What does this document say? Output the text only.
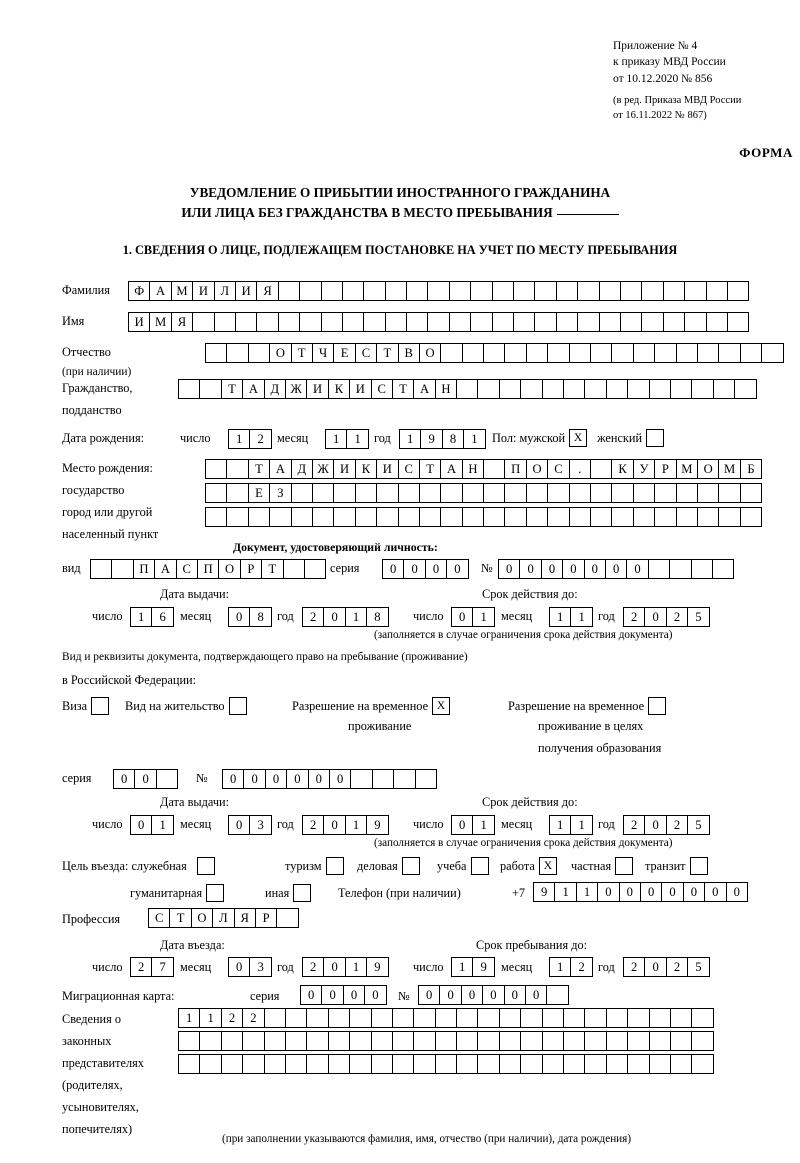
Приложение № 4
к приказу МВД России
от 10.12.2020 № 856
(в ред. Приказа МВД России
от 16.11.2022 № 867)
ФОРМА
УВЕДОМЛЕНИЕ О ПРИБЫТИИ ИНОСТРАННОГО ГРАЖДАНИНА
ИЛИ ЛИЦА БЕЗ ГРАЖДАНСТВА В МЕСТО ПРЕБЫВАНИЯ
1. СВЕДЕНИЯ О ЛИЦЕ, ПОДЛЕЖАЩЕМ ПОСТАНОВКЕ НА УЧЕТ ПО МЕСТУ ПРЕБЫВАНИЯ
Фамилия	Ф А М И Л И	Я
Имя	И М Я
Отчество
(при наличии)
О	Т	Ч	Е	С	Т	В	О
Гражданство,
подданство
Т	А Д Ж И	К	И	С	Т	А Н
Дата рождения:	число	1	2	месяц	1	1	год	1	9	8	1	Пол: мужской X	женский
Место рождения:
государство
Т	А Д Ж И	К	И	С	Т	А Н	П О	С	.	К	У	Р М О М Б
город или другой
населенный пункт
Е	З
Документ, удостоверяющий личность:
вид	П А	С	П О	Р	Т	серия	0	0	0	0	№	0	0	0	0	0	0	0
Дата выдачи:	Срок действия до:
число	1	6	месяц	0	8	год	2	0	1	8	число	0	1	месяц	1	1	год	2	0	2	5
(заполняется в случае ограничения срока действия документа)
Вид и реквизиты документа, подтверждающего право на пребывание (проживание)
в Российской Федерации:
Виза	Вид на жительство	Разрешение на временное X
проживание
Разрешение на временное
проживание в целях
получения образования
серия	0	0	№	0	0	0	0	0	0
Дата выдачи:	Срок действия до:
число	0	1	месяц	0	3	год	2	0	1	9	число	0	1	месяц	1	1	год	2	0	2	5
(заполняется в случае ограничения срока действия документа)
Цель въезда: служебная	туризм	деловая	учеба	работа X	частная	транзит
гуманитарная	иная	Телефон (при наличии)	+7	9	1	1	0	0	0	0	0	0	0
Профессия	С	Т	О Л	Я	Р
Дата въезда:	Срок пребывания до:
число	2	7	месяц	0	3	год	2	0	1	9	число	1	9	месяц	1	2	год	2	0	2	5
Миграционная карта:	серия	0	0	0	0	№	0	0	0	0	0	0
Сведения о
законных
представителях
(родителях,
усыновителях,
попечителях)
1	1	2	2
(при заполнении указываются фамилия, имя, отчество (при наличии), дата рождения)
